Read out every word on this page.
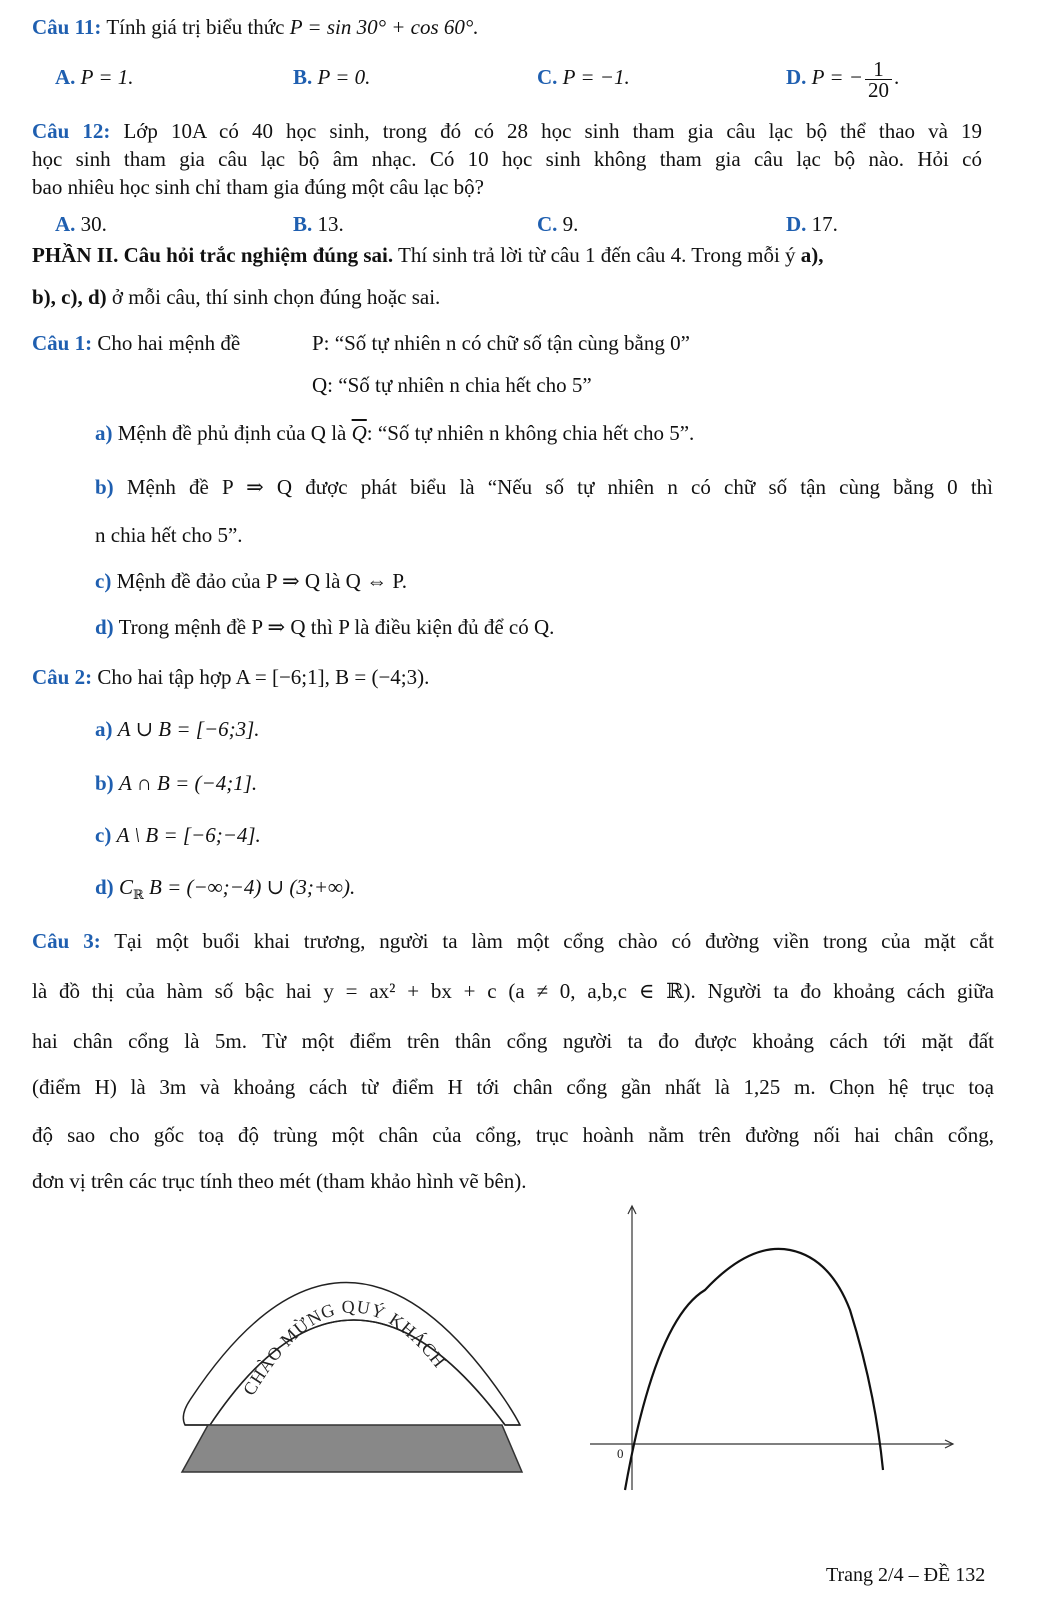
Câu 11: Tính giá trị biểu thức P = sin 30° + cos 60°.
A. P = 1.	B. P = 0.	C. P = −1.	D. P = − $\frac{1}{20}$ .
Câu 12: Lớp 10A có 40 học sinh, trong đó có 28 học sinh tham gia câu lạc bộ thể thao và 19
học sinh tham gia câu lạc bộ âm nhạc. Có 10 học sinh không tham gia câu lạc bộ nào. Hỏi có
bao nhiêu học sinh chỉ tham gia đúng một câu lạc bộ?
A. 30.	B. 13.	C. 9.	D. 17.
PHẦN II. Câu hỏi trắc nghiệm đúng sai. Thí sinh trả lời từ câu 1 đến câu 4. Trong mỗi ý a),
b), c), d) ở mỗi câu, thí sinh chọn đúng hoặc sai.
Câu 1: Cho hai mệnh đề	P: “Số tự nhiên n có chữ số tận cùng bằng 0”
Q: “Số tự nhiên n chia hết cho 5”
a) Mệnh đề phủ định của Q là $\overline{Q}$: “Số tự nhiên n không chia hết cho 5”.
b) Mệnh đề P ⇒ Q được phát biểu là “Nếu số tự nhiên n có chữ số tận cùng bằng 0 thì
n chia hết cho 5”.
c) Mệnh đề đảo của P ⇒ Q là Q ⇔ P.
d) Trong mệnh đề P ⇒ Q thì P là điều kiện đủ để có Q.
Câu 2: Cho hai tập hợp A = [−6;1], B = (−4;3).
a) A ∪ B = [−6;3].
b) A ∩ B = (−4;1].
c) A \ B = [−6;−4].
d) $C_ℝ$ B = (−∞;−4) ∪ (3;+∞).
Câu 3: Tại một buổi khai trương, người ta làm một cổng chào có đường viền trong của mặt cắt
là đồ thị của hàm số bậc hai y = ax² + bx + c (a ≠ 0, a,b,c ∈ ℝ). Người ta đo khoảng cách giữa
hai chân cổng là 5m. Từ một điểm trên thân cổng người ta đo được khoảng cách tới mặt đất
(điểm H) là 3m và khoảng cách từ điểm H tới chân cổng gần nhất là 1,25 m. Chọn hệ trục toạ
độ sao cho gốc toạ độ trùng một chân của cổng, trục hoành nằm trên đường nối hai chân cổng,
đơn vị trên các trục tính theo mét (tham khảo hình vẽ bên).
CHÀO MỪNG QUÝ KHÁCH
0
Trang 2/4 – ĐỀ 132
